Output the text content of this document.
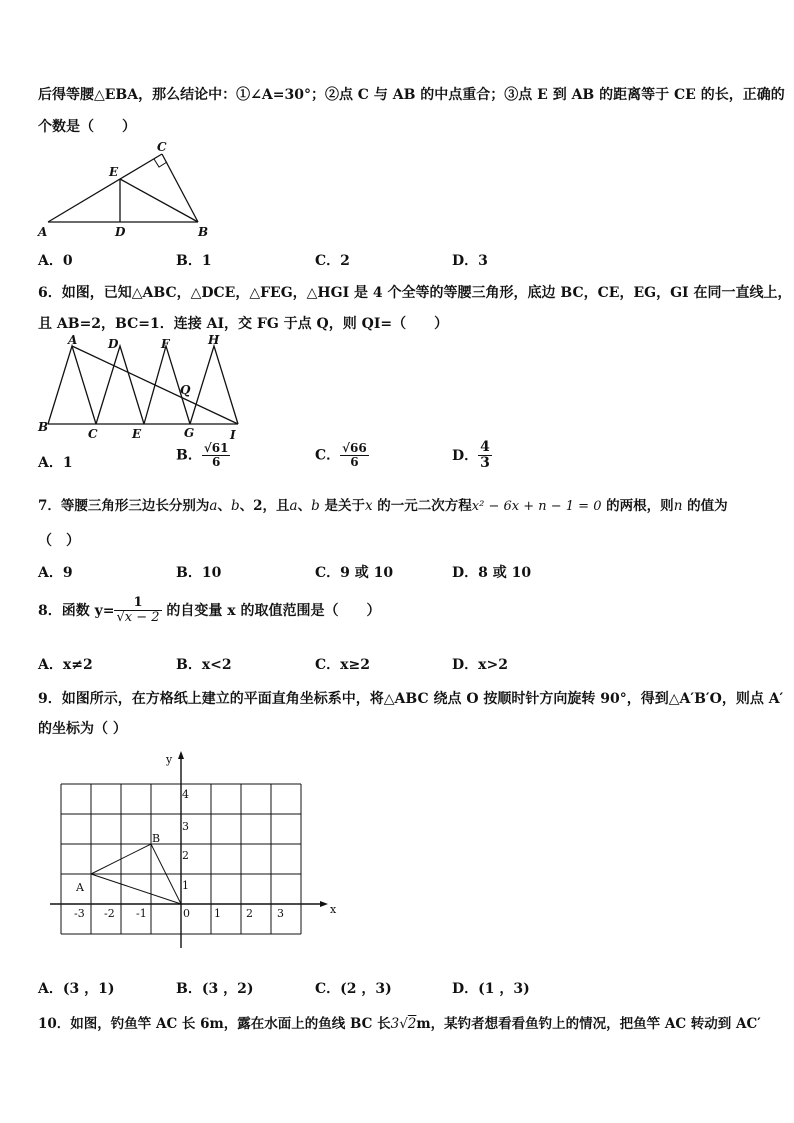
后得等腰△EBA，那么结论中：①∠A=30°；②点 C 与 AB 的中点重合；③点 E 到 AB 的距离等于 CE 的长，正确的
个数是（　　）
A	D	B
C
E
A．0	B．1	C．2	D．3
6．如图，已知△ABC，△DCE，△FEG，△HGI 是 4 个全等的等腰三角形，底边 BC，CE，EG，GI 在同一直线上，
且 AB=2，BC=1．连接 AI，交 FG 于点 Q，则 QI=（　　）
A	D	F	H
Q
B	C	E	G	I
A．1	B． $\frac{√61}{6}$	C． $\frac{√66}{6}$	D． $\frac{4}{3}$
7．等腰三角形三边长分别为a、b、2，且a、b 是关于x 的一元二次方程x² − 6x + n − 1 = 0 的两根，则n 的值为
（　）
A．9	B．10	C．9 或 10	D．8 或 10
8．函数 $y= \frac{1}{√x - 2}$ 的自变量 x 的取值范围是（　　）
A．x≠2	B．x<2	C．x≥2	D．x>2
9．如图所示，在方格纸上建立的平面直角坐标系中，将△ABC 绕点 O 按顺时针方向旋转 90°，得到△A′B′O，则点 A′
的坐标为（ ）
x
y
-3 -2 -1	0 1 2 3
1
2
3
4
A
B
A．(3 ，1)	B．(3 ，2)	C．(2 ，3)	D．(1 ，3)
10．如图，钓鱼竿 AC 长 6m，露在水面上的鱼线 BC 长3√2m，某钓者想看看鱼钓上的情况，把鱼竿 AC 转动到 AC′
